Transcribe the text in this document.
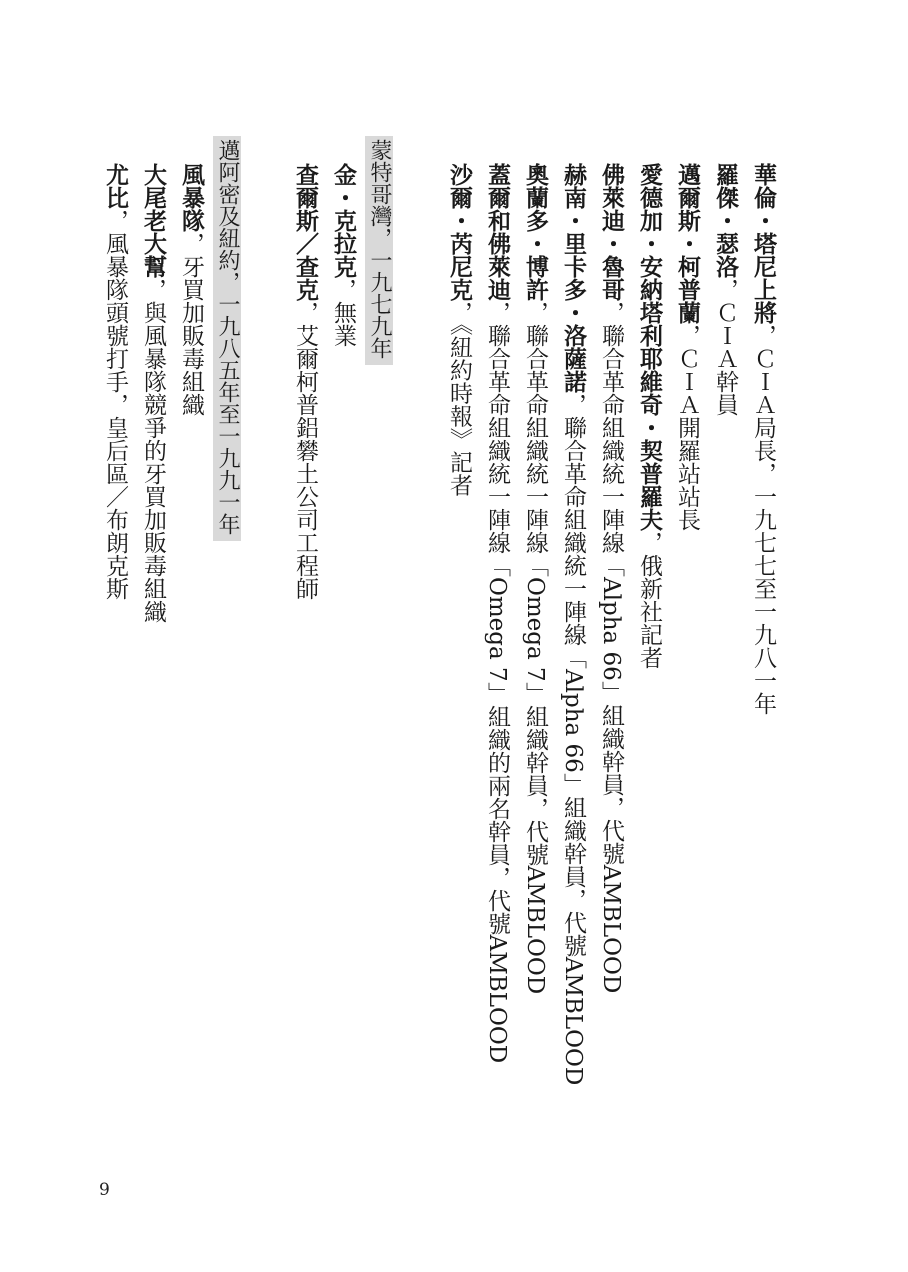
華倫・塔尼上將，ＣＩＡ局長，一九七七至一九八一年
羅傑・瑟洛，ＣＩＡ幹員
邁爾斯・柯普蘭，ＣＩＡ開羅站站長
愛德加・安納塔利耶維奇・契普羅夫，俄新社記者
佛萊迪・魯哥，聯合革命組織統一陣線「Alpha 66」組織幹員，代號AMBLOOD
赫南・里卡多・洛薩諾，聯合革命組織統一陣線「Alpha 66」組織幹員，代號AMBLOOD
奧蘭多・博許，聯合革命組織統一陣線「Omega 7」組織幹員，代號AMBLOOD
蓋爾和佛萊迪，聯合革命組織統一陣線「Omega 7」組織的兩名幹員，代號AMBLOOD
沙爾・芮尼克，《紐約時報》記者
蒙特哥灣，一九七九年
金・克拉克，無業
查爾斯／查克，艾爾柯普鋁礬土公司工程師
邁阿密及紐約，一九八五年至一九九一年
風暴隊，牙買加販毒組織
大尾老大幫，與風暴隊競爭的牙買加販毒組織
尤比，風暴隊頭號打手，皇后區／布朗克斯
9
